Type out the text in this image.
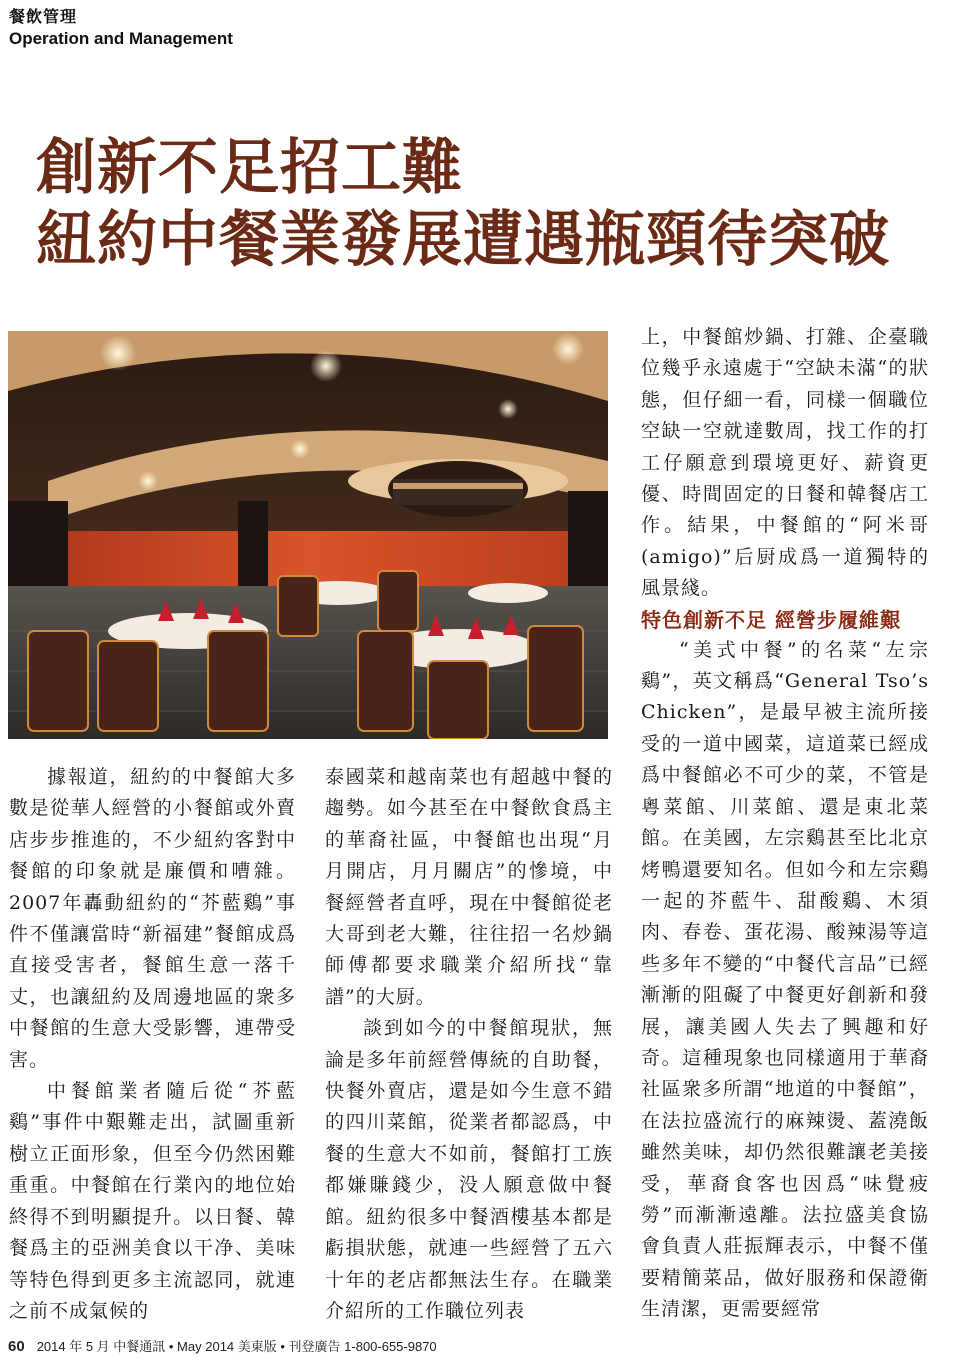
餐飲管理
Operation and Management
創新不足招工難
紐約中餐業發展遭遇瓶頸待突破

據報道，紐約的中餐館大多數是從華人經營的小餐館或外賣店步步推進的，不少紐約客對中餐館的印象就是廉價和嘈雜。2007年轟動紐約的“芥藍鷄”事件不僅讓當時“新福建”餐館成爲直接受害者，餐館生意一落千丈，也讓紐約及周邊地區的衆多中餐館的生意大受影響，連帶受害。

中餐館業者隨后從“芥藍鷄”事件中艱難走出，試圖重新樹立正面形象，但至今仍然困難重重。中餐館在行業內的地位始終得不到明顯提升。以日餐、韓餐爲主的亞洲美食以干净、美味等特色得到更多主流認同，就連之前不成氣候的

泰國菜和越南菜也有超越中餐的趨勢。如今甚至在中餐飲食爲主的華裔社區，中餐館也出現“月月開店，月月關店”的慘境，中餐經營者直呼，現在中餐館從老大哥到老大難，往往招一名炒鍋師傅都要求職業介紹所找“靠譜”的大厨。

談到如今的中餐館現狀，無論是多年前經營傳統的自助餐，快餐外賣店，還是如今生意不錯的四川菜館，從業者都認爲，中餐的生意大不如前，餐館打工族都嫌賺錢少，没人願意做中餐館。紐約很多中餐酒樓基本都是虧損狀態，就連一些經營了五六十年的老店都無法生存。在職業介紹所的工作職位列表

上，中餐館炒鍋、打雜、企臺職位幾乎永遠處于“空缺未滿“的狀態，但仔細一看，同樣一個職位空缺一空就達數周，找工作的打工仔願意到環境更好、薪資更優、時間固定的日餐和韓餐店工作。結果，中餐館的“阿米哥(amigo)”后厨成爲一道獨特的風景綫。

特色創新不足 經營步履維艱

“美式中餐”的名菜“左宗鷄”，英文稱爲“General Tso’s Chicken”，是最早被主流所接受的一道中國菜，這道菜已經成爲中餐館必不可少的菜，不管是粵菜館、川菜館、還是東北菜館。在美國，左宗鷄甚至比北京烤鴨還要知名。但如今和左宗鷄一起的芥藍牛、甜酸鷄、木須肉、春卷、蛋花湯、酸辣湯等這些多年不變的“中餐代言品”已經漸漸的阻礙了中餐更好創新和發展，讓美國人失去了興趣和好奇。這種現象也同樣適用于華裔社區衆多所謂“地道的中餐館”，在法拉盛流行的麻辣燙、蓋澆飯雖然美味，却仍然很難讓老美接受，華裔食客也因爲“味覺疲勞”而漸漸遠離。法拉盛美食協會負責人莊振輝表示，中餐不僅要精簡菜品，做好服務和保證衛生清潔，更需要經常

60 2014 年 5 月 中餐通訊 • May 2014 美東版 • 刊登廣告 1-800-655-9870
